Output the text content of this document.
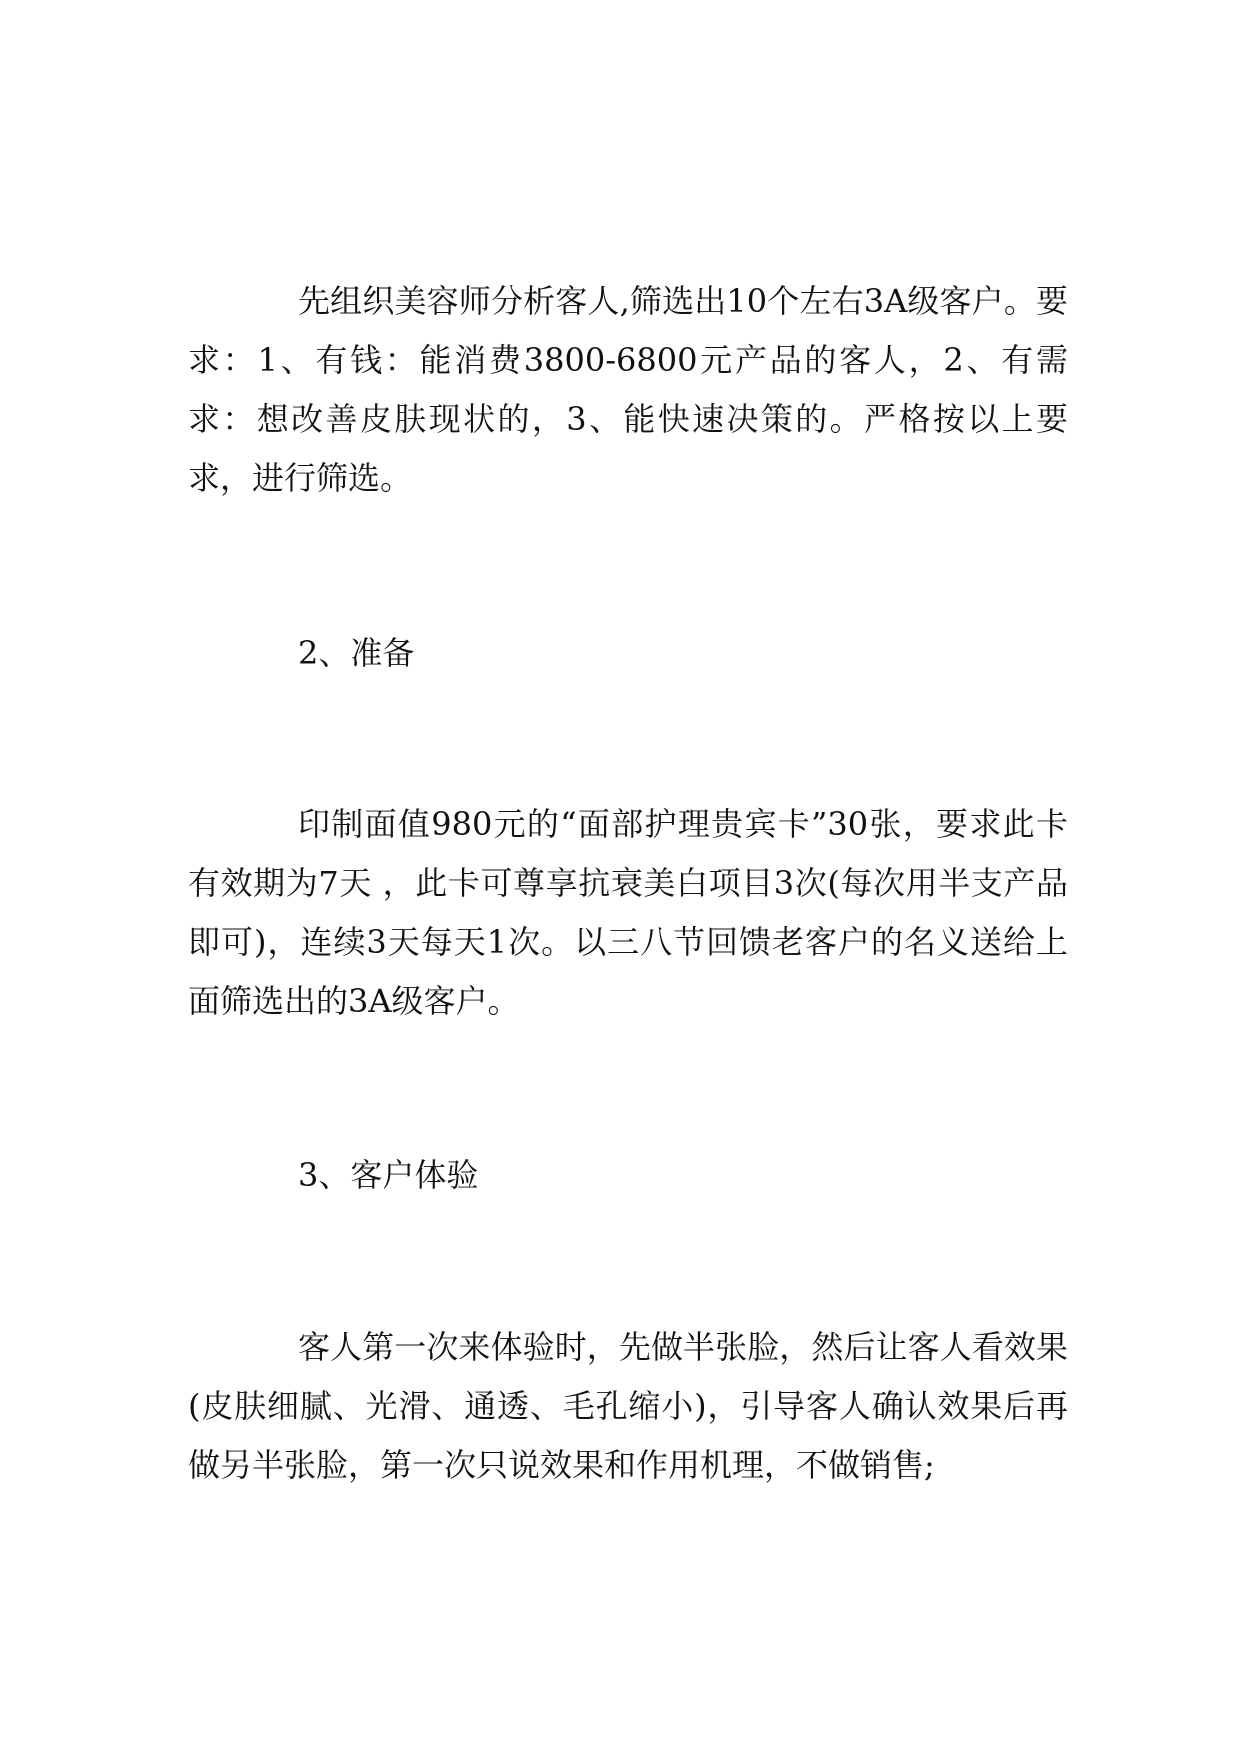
先组织美容师分析客人,筛选出10个左右3A级客户。要求：1、有钱：能消费3800-6800元产品的客人，2、有需求：想改善皮肤现状的，3、能快速决策的。严格按以上要求，进行筛选。

2、准备

印制面值980元的“面部护理贵宾卡”30张，要求此卡有效期为7天 ，此卡可尊享抗衰美白项目3次(每次用半支产品即可)，连续3天每天1次。以三八节回馈老客户的名义送给上面筛选出的3A级客户。

3、客户体验

客人第一次来体验时，先做半张脸，然后让客人看效果(皮肤细腻、光滑、通透、毛孔缩小)，引导客人确认效果后再做另半张脸，第一次只说效果和作用机理，不做销售;
